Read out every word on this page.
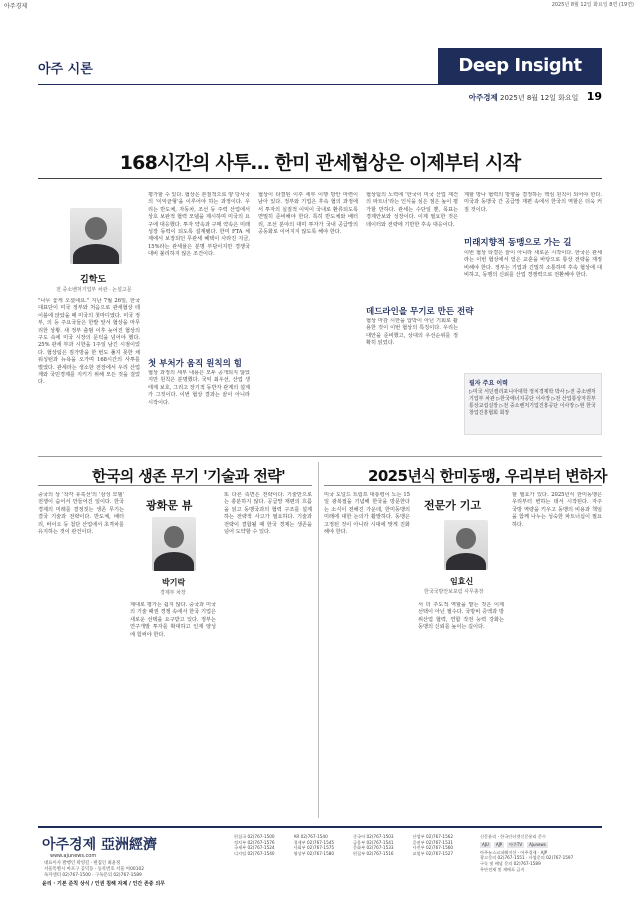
아주경제	2025년 8월 12일 화요일 8면 (19면)
아주 시론	Deep Insight
아주경제 2025년 8월 12일 화요일 19
168시간의 사투… 한미 관세협상은 이제부터 시작
김학도
전 중소벤처기업부 차관 · 논설고문
"나무 놓게 오셨네요." 지난 7월 26일, 한국 대표단이 미국 정부와 처음으로 관세협상 테이블에 앉았을 때 미국의 첫마디였다. 미국 정부, 의 등 주요국들은 한발 앞서 협상을 마무리한 상황. 새 정부 출범 이후 늦어진 협상의 구도 속에 미국 시장의 문턱을 넘어야 했다. 25% 관세 부과 시한을 1주일 남긴 시점이었다. 협상팀은 짐가방을 한 번도 풀지 못한 채 워싱턴과 뉴욕을 오가며 168시간의 사투를 벌였다. 관세라는 생소한 전장에서 우리 산업계와 국민경제를 지키기 위해 모든 것을 걸었다.
평가할 수 있다. 협상은 본질적으로 양 당사국의 '이익균형'을 이루어야 하는 과정이다. 우리는 반도체, 자동차, 조선 등 주력 산업에서 상호 보완적 협력 모델을 제시하며 미국의 요구에 대응했다. 투자 약속과 구매 약속은 미래 성장 동력이 되도록 설계됐다. 한미 FTA 체제에서 보장되던 무관세 혜택이 사라진 지금, 15%라는 관세율은 분명 부담이지만 경쟁국 대비 불리하지 않은 조건이다.
첫 부처가 움직 원칙의 힘
협상 과정의 세부 내용은 모두 공개되지 않았지만 원칙은 분명했다. 국익 최우선, 산업 생태계 보호, 그리고 장기적 동반자 관계의 설계가 그것이다. 이번 협상 결과는 끝이 아니라 시작이다.
협상이 타결된 이후 세부 이행 방안 마련이 남아 있다. 정부와 기업은 후속 협의 과정에서 투자의 실질적 이익이 국내로 환류되도록 면밀히 준비해야 한다. 특히 반도체와 배터리, 조선 분야의 대미 투자가 국내 공급망의 공동화로 이어지지 않도록 해야 한다.
협상팀의 노력에 '한국이 미국 산업 재건의 파트너'라는 인식을 심은 점은 높이 평가할 만하다. 관세는 수단일 뿐, 목표는 경제안보와 성장이다. 이제 필요한 것은 데이터와 전략에 기반한 후속 대응이다.
데드라인을 무기로 만든 전략
협상 마감 시한을 압박이 아닌 기회로 활용한 것이 이번 협상의 특징이다. 우리는 대안을 준비했고, 상대의 우선순위를 정확히 읽었다.
계할 방나 협력의 방향을 결정하는 핵심 원칙이 되어야 한다. 미국과 동맹국 간 공급망 재편 속에서 한국의 역할은 더욱 커질 것이다.
미래지향적 동맹으로 가는 길
이번 협상 타결은 끝이 아니라 새로운 시작이다. 한국은 관세라는 이번 협상에서 얻은 교훈을 바탕으로 통상 전략을 재정비해야 한다. 정부는 기업과 긴밀히 소통하며 후속 협상에 대비하고, 동맹의 신뢰를 산업 경쟁력으로 전환해야 한다.
필자 주요 이력
▷미국 서던캘리포니아대학 정치경제학 박사 ▷전 중소벤처기업부 차관 ▷한국에너지공단 이사장 ▷전 산업통상자원부 통상교섭실장 ▷전 중소벤처기업진흥공단 이사장 ▷현 한국창업진흥협회 회장
한국의 생존 무기 '기술과 전략'
중국의 상 '착각 유혹선'의 '삼성 모델' 전쟁이 숨어서 만들어진 일이다. 한국 경제의 미래를 결정짓는 생존 무기는 결국 기술과 전략이다. 반도체, 배터리, 바이오 등 첨단 산업에서 초격차를 유지하는 것이 관건이다.
광화문 뷰
박기락
경제부 차장
제대로 평가는 쉽지 않다. 중국과 미국의 기술 패권 경쟁 속에서 한국 기업은 새로운 선택을 요구받고 있다. 정부는 연구개발 투자를 확대하고 인재 양성에 힘써야 한다.
또 다른 측면은 전략이다. 기술만으로는 충분하지 않다. 공급망 재편의 흐름을 읽고 동맹국과의 협력 구조를 설계하는 전략적 사고가 필요하다. 기술과 전략이 결합될 때 한국 경제는 생존을 넘어 도약할 수 있다.
2025년식 한미동맹, 우리부터 변하자
미국 도널드 트럼프 대통령이 노는 15일 광복절을 기념해 한국을 방문한다는 소식이 전해진 가운데, 한미동맹의 미래에 대한 논의가 활발하다. 동맹은 고정된 것이 아니라 시대에 맞게 진화해야 한다.
전문가 기고
임효신
한국국방안보포럼 사무총장
서 더 주도적 역할을 맡는 것은 이제 선택이 아닌 필수다. 국방비 증액과 방위산업 협력, 연합 작전 능력 강화는 동맹의 신뢰를 높이는 길이다.
할 필요가 있다. 2025년식 한미동맹은 우리부터 변하는 데서 시작된다. 자주 국방 역량을 키우고 동맹의 비용과 책임을 함께 나누는 성숙한 파트너십이 필요하다.
아주경제 亞洲經濟
www.ajunews.com
대표이사 발행인 곽영길 · 편집인 최윤정
서울특별시 마포구 공덕동 · 등록번호 서울 아00102
독자센터 02)767-1500 · 구독문의 02)767-1589
윤리 · 기본 준칙 상식 / 인권 침해 자제 / 인간 존중 의무
편집국 02)767-1500	AR 02)767-1540	중국어 02)767-1503	산업부 02)767-1562
정치부 02)767-1576	경제부 02)767-1545	금융부 02)767-1541	증권부 02)767-1531
국제부 02)767-1524	사회부 02)767-1575	문화부 02)767-1533	사진부 02)767-1560
디지털 02)767-1540	영상부 02)767-1580	편집부 02)767-1516	교열부 02)767-1527
신문윤리 · 한국인터넷신문윤리 준수
AJU	AJP	아주TV	Ajunews
아주뉴스코퍼레이션 · 아주경제 · AJP
광고문의 02)767-1551 · 사업문의 02)767-1597
구독 및 배달 문의 02)767-1589
무단전재 및 재배포 금지
